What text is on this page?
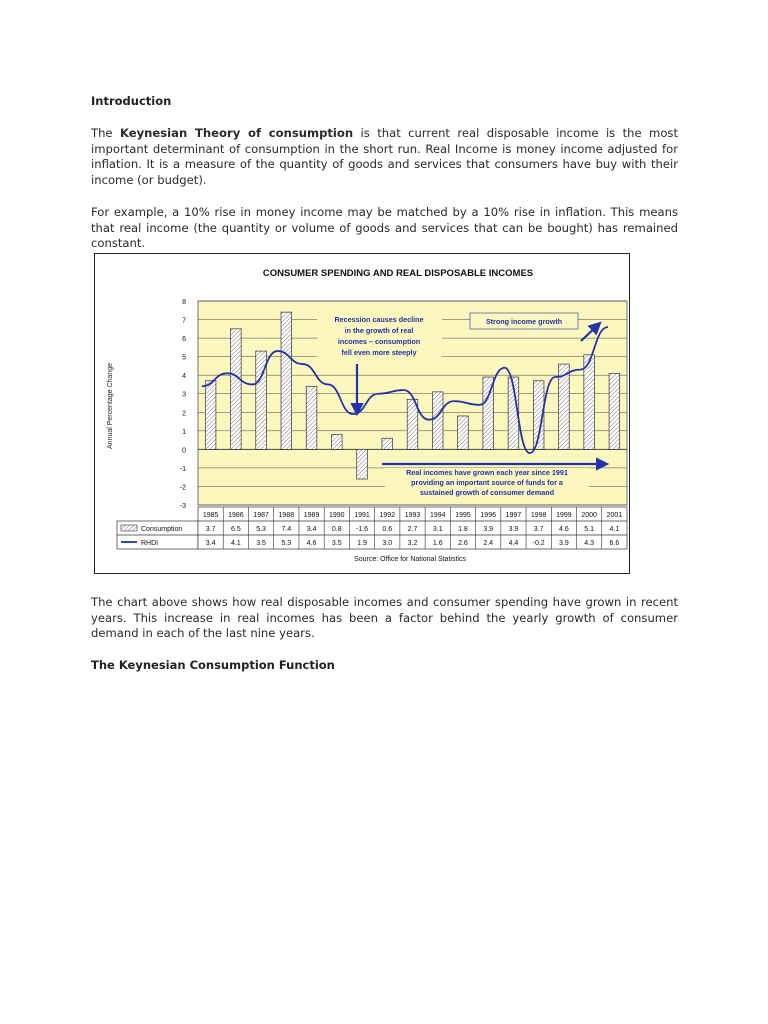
Introduction
The Keynesian Theory of consumption is that current real disposable income is the most important determinant of consumption in the short run. Real Income is money income adjusted for inflation. It is a measure of the quantity of goods and services that consumers have buy with their income (or budget).
For example, a 10% rise in money income may be matched by a 10% rise in inflation. This means that real income (the quantity or volume of goods and services that can be bought) has remained constant.
CONSUMER SPENDING AND REAL DISPOSABLE INCOMES
-3
-2
-1
0
1
2
3
4
5
6
7
8
Annual Percentage Change
Recession causes decline
in the growth of real
incomes – consumption
fell even more steeply
Strong income growth
Real incomes have grown each year since 1991
providing an important source of funds for a
sustained growth of consumer demand
1985
3.7
3.4
1986
6.5
4.1
1987
5.3
3.5
1988
7.4
5.3
1989
3.4
4.6
1990
0.8
3.5
1991
-1.6
1.9
1992
0.6
3.0
1993
2.7
3.2
1994
3.1
1.6
1995
1.8
2.6
1996
3.9
2.4
1997
3.9
4.4
1998
3.7
-0.2
1999
4.6
3.9
2000
5.1
4.3
2001
4.1
6.6
Consumption
RHDI
Source: Office for National Statistics
The chart above shows how real disposable incomes and consumer spending have grown in recent years. This increase in real incomes has been a factor behind the yearly growth of consumer demand in each of the last nine years.
The Keynesian Consumption Function
